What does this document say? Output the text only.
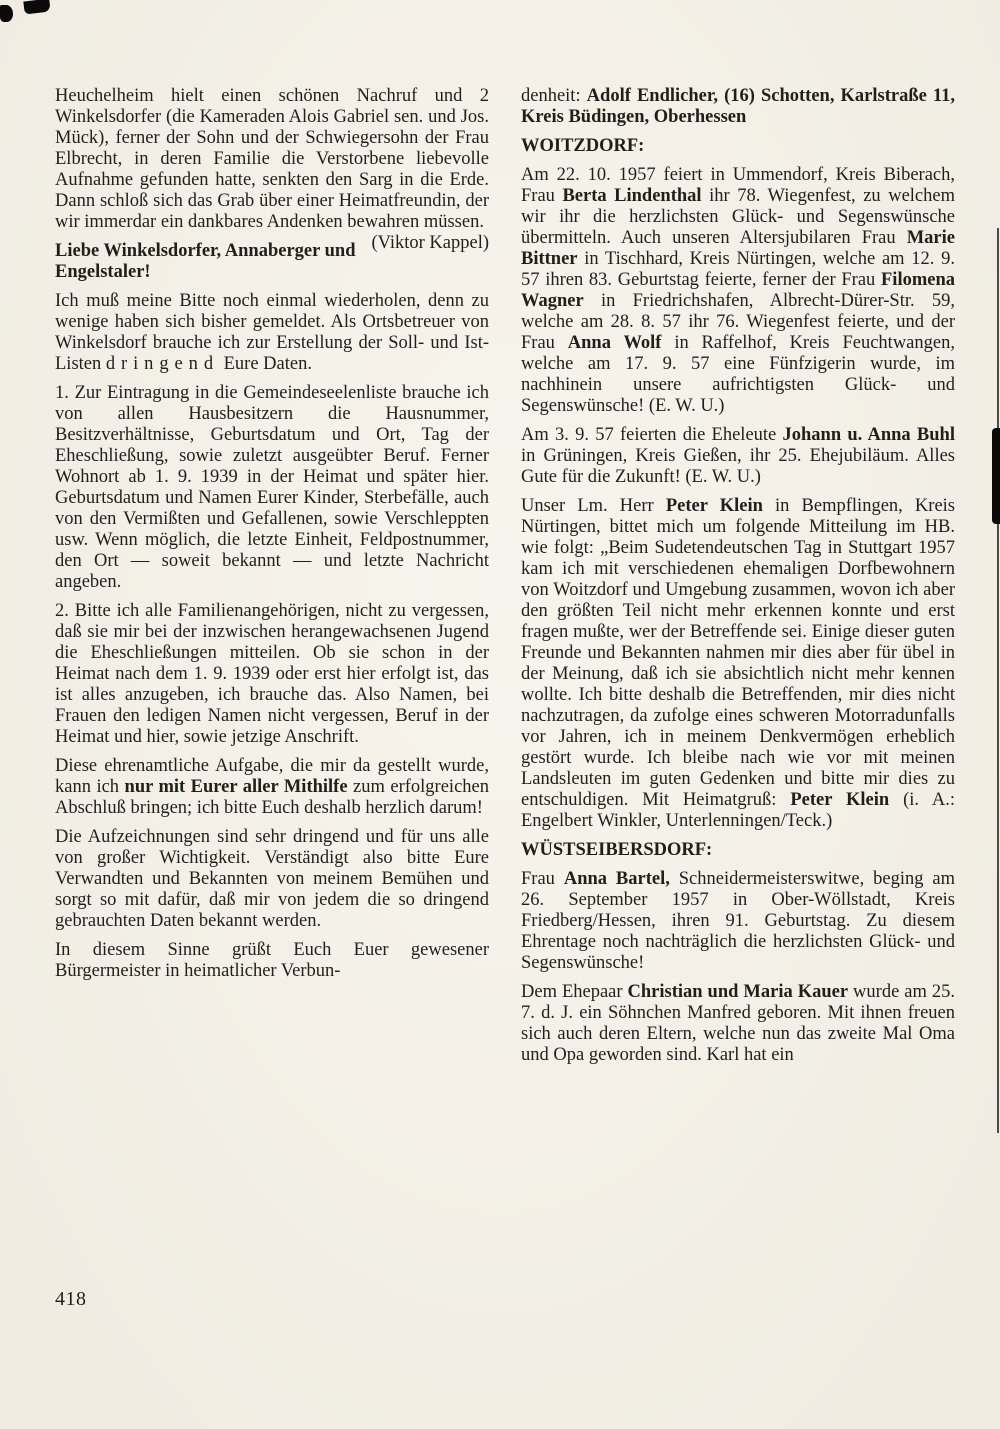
Heuchelheim hielt einen schönen Nachruf und 2 Winkelsdorfer (die Kameraden Alois Gabriel sen. und Jos. Mück), ferner der Sohn und der Schwiegersohn der Frau Elbrecht, in deren Familie die Verstorbene liebevolle Aufnahme gefunden hatte, senkten den Sarg in die Erde. Dann schloß sich das Grab über einer Heimatfreundin, der wir immerdar ein dankbares Andenken bewahren müssen.
(Viktor Kappel)

Liebe Winkelsdorfer, Annaberger und Engelstaler!

Ich muß meine Bitte noch einmal wiederholen, denn zu wenige haben sich bisher gemeldet. Als Ortsbetreuer von Winkelsdorf brauche ich zur Erstellung der Soll- und Ist-Listen dringend Eure Daten.

1. Zur Eintragung in die Gemeindeseelenliste brauche ich von allen Hausbesitzern die Hausnummer, Besitzverhältnisse, Geburtsdatum und Ort, Tag der Eheschließung, sowie zuletzt ausgeübter Beruf. Ferner Wohnort ab 1. 9. 1939 in der Heimat und später hier. Geburtsdatum und Namen Eurer Kinder, Sterbefälle, auch von den Vermißten und Gefallenen, sowie Verschleppten usw. Wenn möglich, die letzte Einheit, Feldpostnummer, den Ort — soweit bekannt — und letzte Nachricht angeben.

2. Bitte ich alle Familienangehörigen, nicht zu vergessen, daß sie mir bei der inzwischen herangewachsenen Jugend die Eheschließungen mitteilen. Ob sie schon in der Heimat nach dem 1. 9. 1939 oder erst hier erfolgt ist, das ist alles anzugeben, ich brauche das. Also Namen, bei Frauen den ledigen Namen nicht vergessen, Beruf in der Heimat und hier, sowie jetzige Anschrift.

Diese ehrenamtliche Aufgabe, die mir da gestellt wurde, kann ich nur mit Eurer aller Mithilfe zum erfolgreichen Abschluß bringen; ich bitte Euch deshalb herzlich darum!

Die Aufzeichnungen sind sehr dringend und für uns alle von großer Wichtigkeit. Verständigt also bitte Eure Verwandten und Bekannten von meinem Bemühen und sorgt so mit dafür, daß mir von jedem die so dringend gebrauchten Daten bekannt werden.

In diesem Sinne grüßt Euch Euer gewesener Bürgermeister in heimatlicher Verbun-

denheit: Adolf Endlicher, (16) Schotten, Karlstraße 11, Kreis Büdingen, Oberhessen

WOITZDORF:

Am 22. 10. 1957 feiert in Ummendorf, Kreis Biberach, Frau Berta Lindenthal ihr 78. Wiegenfest, zu welchem wir ihr die herzlichsten Glück- und Segenswünsche übermitteln. Auch unseren Altersjubilaren Frau Marie Bittner in Tischhard, Kreis Nürtingen, welche am 12. 9. 57 ihren 83. Geburtstag feierte, ferner der Frau Filomena Wagner in Friedrichshafen, Albrecht-Dürer-Str. 59, welche am 28. 8. 57 ihr 76. Wiegenfest feierte, und der Frau Anna Wolf in Raffelhof, Kreis Feuchtwangen, welche am 17. 9. 57 eine Fünfzigerin wurde, im nachhinein unsere aufrichtigsten Glück- und Segenswünsche! (E. W. U.)

Am 3. 9. 57 feierten die Eheleute Johann u. Anna Buhl in Grüningen, Kreis Gießen, ihr 25. Ehejubiläum. Alles Gute für die Zukunft! (E. W. U.)

Unser Lm. Herr Peter Klein in Bempflingen, Kreis Nürtingen, bittet mich um folgende Mitteilung im HB. wie folgt: „Beim Sudetendeutschen Tag in Stuttgart 1957 kam ich mit verschiedenen ehemaligen Dorfbewohnern von Woitzdorf und Umgebung zusammen, wovon ich aber den größten Teil nicht mehr erkennen konnte und erst fragen mußte, wer der Betreffende sei. Einige dieser guten Freunde und Bekannten nahmen mir dies aber für übel in der Meinung, daß ich sie absichtlich nicht mehr kennen wollte. Ich bitte deshalb die Betreffenden, mir dies nicht nachzutragen, da zufolge eines schweren Motorradunfalls vor Jahren, ich in meinem Denkvermögen erheblich gestört wurde. Ich bleibe nach wie vor mit meinen Landsleuten im guten Gedenken und bitte mir dies zu entschuldigen. Mit Heimatgruß: Peter Klein (i. A.: Engelbert Winkler, Unterlenningen/Teck.)

WÜSTSEIBERSDORF:

Frau Anna Bartel, Schneidermeisterswitwe, beging am 26. September 1957 in Ober-Wöllstadt, Kreis Friedberg/Hessen, ihren 91. Geburtstag. Zu diesem Ehrentage noch nachträglich die herzlichsten Glück- und Segenswünsche!

Dem Ehepaar Christian und Maria Kauer wurde am 25. 7. d. J. ein Söhnchen Manfred geboren. Mit ihnen freuen sich auch deren Eltern, welche nun das zweite Mal Oma und Opa geworden sind. Karl hat ein

418
